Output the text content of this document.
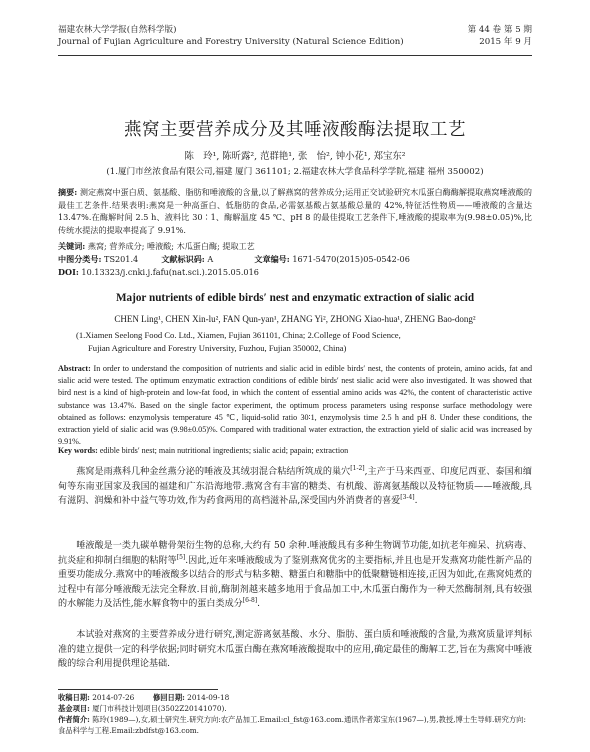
福建农林大学学报(自然科学版)
Journal of Fujian Agriculture and Forestry University (Natural Science Edition)
第 44 卷 第 5 期
2015 年 9 月
燕窝主要营养成分及其唾液酸酶法提取工艺
陈　玲¹, 陈昕露², 范群艳¹, 张　怡², 钟小花¹, 郑宝东²
(1.厦门市丝浓食品有限公司,福建 厦门 361101; 2.福建农林大学食品科学学院,福建 福州 350002)
摘要: 测定燕窝中蛋白质、氨基酸、脂肪和唾液酸的含量,以了解燕窝的营养成分;运用正交试验研究木瓜蛋白酶酶解提取燕窝唾液酸的最佳工艺条件.结果表明:燕窝是一种高蛋白、低脂肪的食品,必需氨基酸占氨基酸总量的 42%,特征活性物质——唾液酸的含量达 13.47%.在酶解时间 2.5 h、液料比 30∶1、酶解温度 45 ℃、pH 8 的最佳提取工艺条件下,唾液酸的提取率为(9.98±0.05)%,比传统水提法的提取率提高了 9.91%.
关键词: 燕窝; 营养成分; 唾液酸; 木瓜蛋白酶; 提取工艺
中图分类号: TS201.4	文献标识码: A	文章编号: 1671-5470(2015)05-0542-06
DOI: 10.13323/j.cnki.j.fafu(nat.sci.).2015.05.016
Major nutrients of edible birds′ nest and enzymatic extraction of sialic acid
CHEN Ling¹, CHEN Xin-lu², FAN Qun-yan¹, ZHANG Yi², ZHONG Xiao-hua¹, ZHENG Bao-dong²
(1.Xiamen Seelong Food Co. Ltd., Xiamen, Fujian 361101, China; 2.College of Food Science,
Fujian Agriculture and Forestry University, Fuzhou, Fujian 350002, China)
Abstract: In order to understand the composition of nutrients and sialic acid in edible birds′ nest, the contents of protein, amino acids, fat and sialic acid were tested. The optimum enzymatic extraction conditions of edible birds′ nest sialic acid were also investigated. It was showed that bird nest is a kind of high-protein and low-fat food, in which the content of essential amino acids was 42%, the content of characteristic active substance was 13.47%. Based on the single factor experiment, the optimum process parameters using response surface methodology were obtained as follows: enzymolysis temperature 45 ℃, liquid-solid ratio 30∶1, enzymolysis time 2.5 h and pH 8. Under these conditions, the extraction yield of sialic acid was (9.98±0.05)%. Compared with traditional water extraction, the extraction yield of sialic acid was increased by 9.91%.
Key words: edible birds′ nest; main nutritional ingredients; sialic acid; papain; extraction

燕窝是雨燕科几种金丝燕分泌的唾液及其绒羽混合粘结所筑成的巢穴[1-2],主产于马来西亚、印度尼西亚、泰国和缅甸等东南亚国家及我国的福建和广东沿海地带.燕窝含有丰富的糖类、有机酸、游离氨基酸以及特征物质——唾液酸,具有滋阴、润燥和补中益气等功效,作为药食两用的高档滋补品,深受国内外消费者的喜爱[3-4].

唾液酸是一类九碳单糖骨架衍生物的总称,大约有 50 余种.唾液酸具有多种生物调节功能,如抗老年痴呆、抗病毒、抗炎症和抑制白细胞的粘附等[5].因此,近年来唾液酸成为了鉴别燕窝优劣的主要指标,并且也是开发燕窝功能性新产品的重要功能成分.燕窝中的唾液酸多以结合的形式与粘多糖、糖蛋白和糖脂中的低聚糖链相连接,正因为如此,在燕窝炖煮的过程中有部分唾液酸无法完全释放.目前,酶制剂越来越多地用于食品加工中,木瓜蛋白酶作为一种天然酶制剂,具有较强的水解能力及活性,能水解食物中的蛋白类成分[6-8].

本试验对燕窝的主要营养成分进行研究,测定游离氨基酸、水分、脂肪、蛋白质和唾液酸的含量,为燕窝质量评判标准的建立提供一定的科学依据;同时研究木瓜蛋白酶在燕窝唾液酸提取中的应用,确定最佳的酶解工艺,旨在为燕窝中唾液酸的综合利用提供理论基础.

收稿日期: 2014-07-26	修回日期: 2014-09-18
基金项目: 厦门市科技计划项目(3502Z20141070).
作者简介: 陈玲(1989—),女,硕士研究生.研究方向:农产品加工.Email:cl_fst@163.com.通讯作者郑宝东(1967—),男,教授,博士生导师.研究方向:食品科学与工程.Email:zbdfst@163.com.
